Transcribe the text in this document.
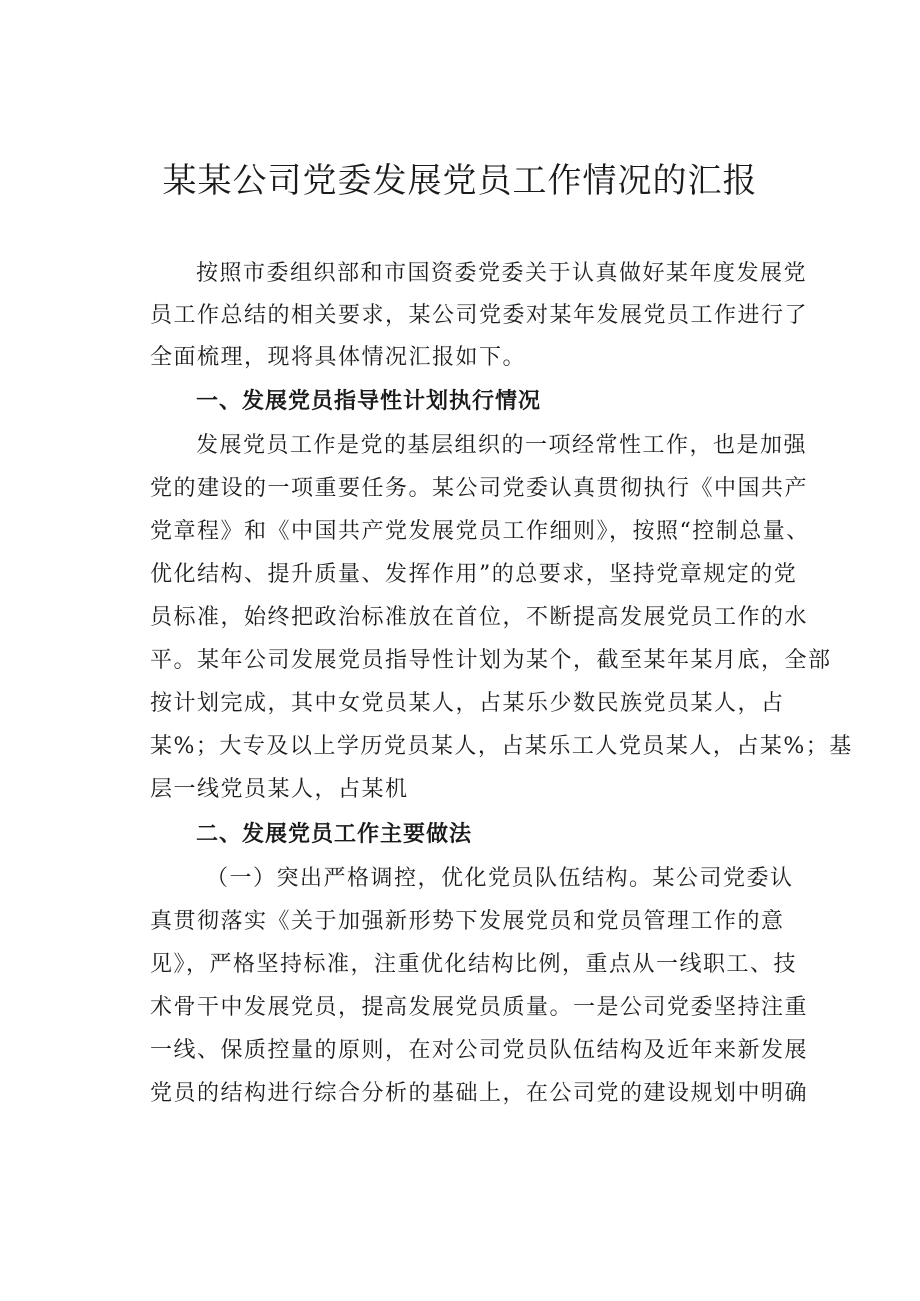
某某公司党委发展党员工作情况的汇报

按照市委组织部和市国资委党委关于认真做好某年度发展党

员工作总结的相关要求，某公司党委对某年发展党员工作进行了

全面梳理，现将具体情况汇报如下。

一、发展党员指导性计划执行情况

发展党员工作是党的基层组织的一项经常性工作，也是加强

党的建设的一项重要任务。某公司党委认真贯彻执行《中国共产

党章程》和《中国共产党发展党员工作细则》，按照“控制总量、

优化结构、提升质量、发挥作用”的总要求，坚持党章规定的党

员标准，始终把政治标准放在首位，不断提高发展党员工作的水

平。某年公司发展党员指导性计划为某个，截至某年某月底，全部

按计划完成，其中女党员某人，占某乐少数民族党员某人，占

某%；大专及以上学历党员某人，占某乐工人党员某人，占某%；基

层一线党员某人，占某机

二、发展党员工作主要做法

（一）突出严格调控，优化党员队伍结构。某公司党委认

真贯彻落实《关于加强新形势下发展党员和党员管理工作的意

见》，严格坚持标准，注重优化结构比例，重点从一线职工、技

术骨干中发展党员，提高发展党员质量。一是公司党委坚持注重

一线、保质控量的原则，在对公司党员队伍结构及近年来新发展

党员的结构进行综合分析的基础上，在公司党的建设规划中明确
